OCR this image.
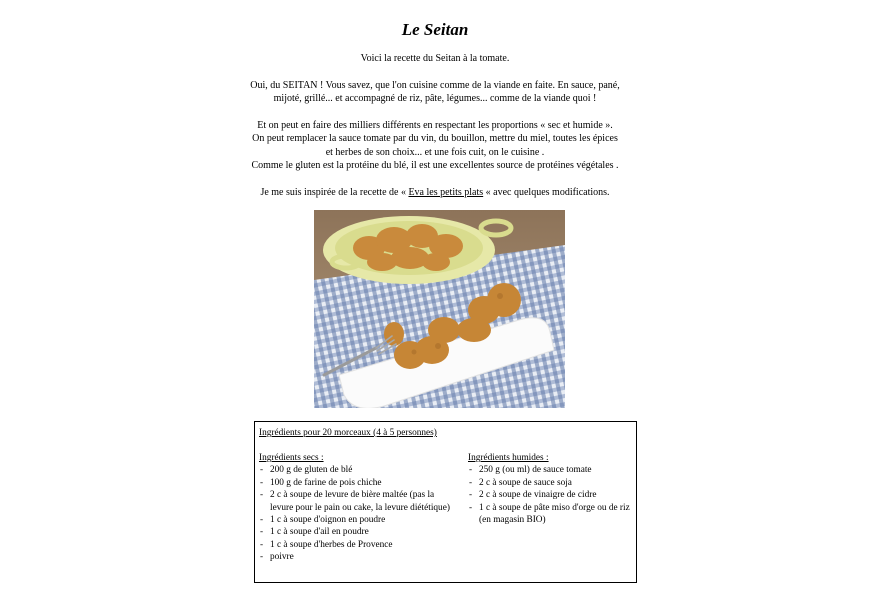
Le Seitan

Voici la recette du Seitan à la tomate.

Oui, du SEITAN ! Vous savez, que l'on cuisine comme de la viande en faite. En sauce, pané, mijoté, grillé... et accompagné de riz, pâte, légumes... comme de la viande quoi !

Et on peut en faire des milliers différents en respectant les proportions « sec et humide ». On peut remplacer la sauce tomate par du vin, du bouillon, mettre du miel, toutes les épices et herbes de son choix... et une fois cuit, on le cuisine .

Comme le gluten est la protéine du blé, il est une excellentes source de protéines végétales .

Je me suis inspirée de la recette de « Eva les petits plats « avec quelques modifications.

Ingrédients pour 20 morceaux (4 à 5 personnes)
Ingrédients secs :
- 200 g de gluten de blé
- 100 g de farine de pois chiche
- 2 c à soupe de levure de bière maltée (pas la levure pour le pain ou cake, la levure diététique)
- 1 c à soupe d'oignon en poudre
- 1 c à soupe d'ail en poudre
- 1 c à soupe d'herbes de Provence
- poivre
Ingrédients humides :
- 250 g (ou ml) de sauce tomate
- 2 c à soupe de sauce soja
- 2 c à soupe de vinaigre de cidre
- 1 c à soupe de pâte miso d'orge ou de riz (en magasin BIO)
